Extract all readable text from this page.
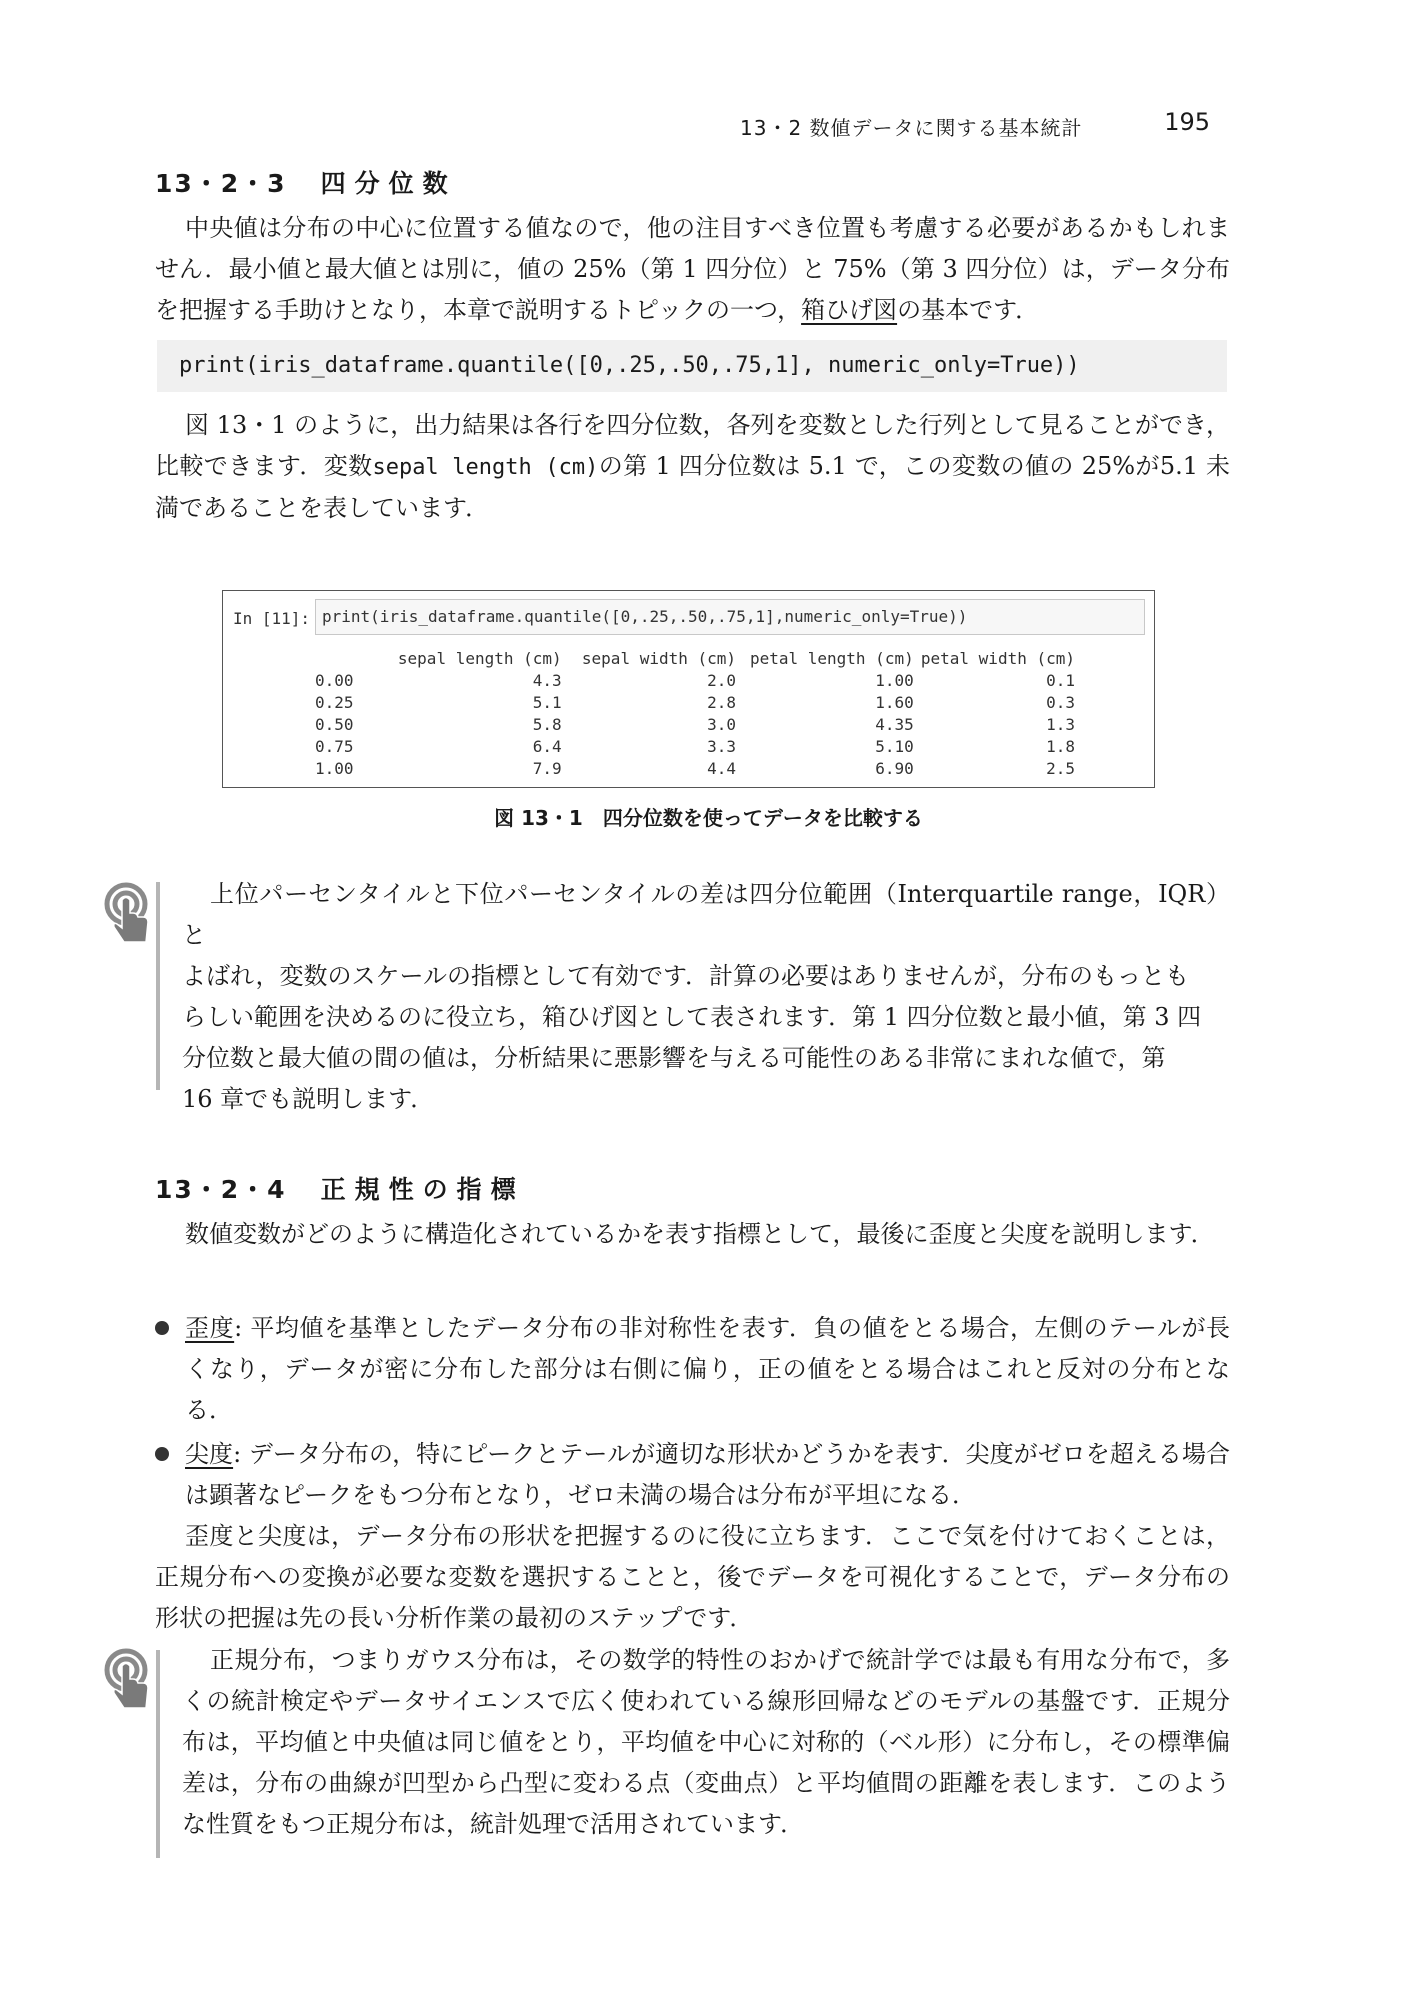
13・2 数値データに関する基本統計	195
13・2・3 四分位数

中央値は分布の中心に位置する値なので，他の注目すべき位置も考慮する必要があるかもしれません．最小値と最大値とは別に，値の 25%（第 1 四分位）と 75%（第 3 四分位）は，データ分布を把握する手助けとなり，本章で説明するトピックの一つ，箱ひげ図の基本です．

print(iris_dataframe.quantile([0,.25,.50,.75,1], numeric_only=True))

図 13・1 のように，出力結果は各行を四分位数，各列を変数とした行列として見ることができ，比較できます．変数sepal length (cm)の第 1 四分位数は 5.1 で，この変数の値の 25%が5.1 未満であることを表しています．

In [11]: print(iris_dataframe.quantile([0,.25,.50,.75,1],numeric_only=True))
	sepal length (cm)	sepal width (cm)	petal length (cm)	petal width (cm)
0.00	4.3	2.0	1.00	0.1
0.25	5.1	2.8	1.60	0.3
0.50	5.8	3.0	4.35	1.3
0.75	6.4	3.3	5.10	1.8
1.00	7.9	4.4	6.90	2.5
図 13・1　四分位数を使ってデータを比較する
上位パーセンタイルと下位パーセンタイルの差は四分位範囲（Interquartile range，IQR）と
よばれ，変数のスケールの指標として有効です．計算の必要はありませんが，分布のもっとも
らしい範囲を決めるのに役立ち，箱ひげ図として表されます．第 1 四分位数と最小値，第 3 四
分位数と最大値の間の値は，分析結果に悪影響を与える可能性のある非常にまれな値で，第
16 章でも説明します．
13・2・4 正規性の指標

数値変数がどのように構造化されているかを表す指標として，最後に歪度と尖度を説明します．

歪度: 平均値を基準としたデータ分布の非対称性を表す．負の値をとる場合，左側のテールが長くなり，データが密に分布した部分は右側に偏り，正の値をとる場合はこれと反対の分布となる．

尖度: データ分布の，特にピークとテールが適切な形状かどうかを表す．尖度がゼロを超える場合は顕著なピークをもつ分布となり，ゼロ未満の場合は分布が平坦になる．

歪度と尖度は，データ分布の形状を把握するのに役に立ちます．ここで気を付けておくことは，正規分布への変換が必要な変数を選択することと，後でデータを可視化することで，データ分布の形状の把握は先の長い分析作業の最初のステップです．

正規分布，つまりガウス分布は，その数学的特性のおかげで統計学では最も有用な分布で，多くの統計検定やデータサイエンスで広く使われている線形回帰などのモデルの基盤です．正規分布は，平均値と中央値は同じ値をとり，平均値を中心に対称的（ベル形）に分布し，その標準偏差は，分布の曲線が凹型から凸型に変わる点（変曲点）と平均値間の距離を表します．このような性質をもつ正規分布は，統計処理で活用されています．
